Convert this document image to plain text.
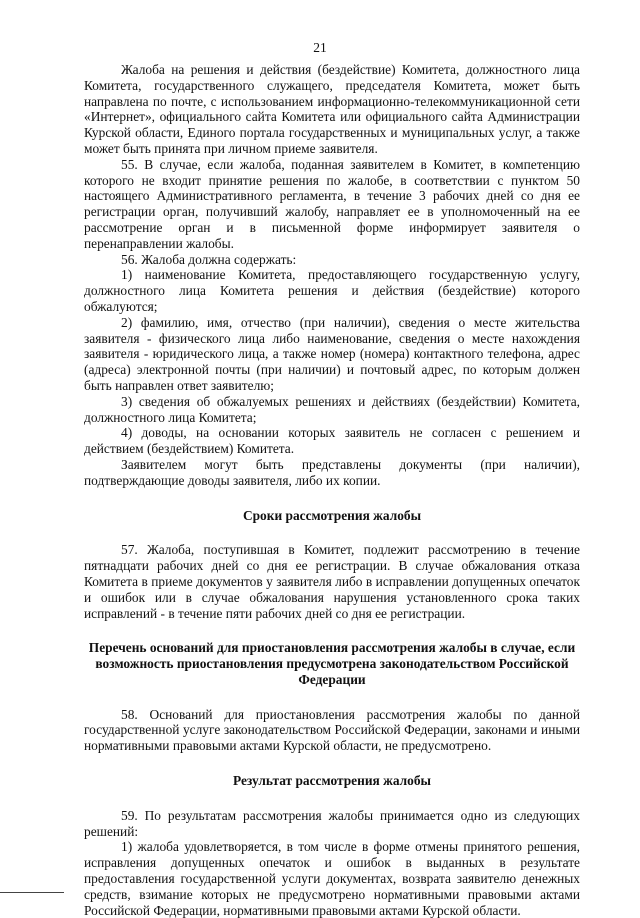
21

Жалоба на решения и действия (бездействие) Комитета, должностного лица Комитета, государственного служащего, председателя Комитета, может быть направлена по почте, с использованием информационно-телекоммуникационной сети «Интернет», официального сайта Комитета или официального сайта Администрации Курской области, Единого портала государственных и муниципальных услуг, а также может быть принята при личном приеме заявителя.

55. В случае, если жалоба, поданная заявителем в Комитет, в компетенцию которого не входит принятие решения по жалобе, в соответствии с пунктом 50 настоящего Административного регламента, в течение 3 рабочих дней со дня ее регистрации орган, получивший жалобу, направляет ее в уполномоченный на ее рассмотрение орган и в письменной форме информирует заявителя о перенаправлении жалобы.

56. Жалоба должна содержать:

1) наименование Комитета, предоставляющего государственную услугу, должностного лица Комитета решения и действия (бездействие) которого обжалуются;

2) фамилию, имя, отчество (при наличии), сведения о месте жительства заявителя - физического лица либо наименование, сведения о месте нахождения заявителя - юридического лица, а также номер (номера) контактного телефона, адрес (адреса) электронной почты (при наличии) и почтовый адрес, по которым должен быть направлен ответ заявителю;

3) сведения об обжалуемых решениях и действиях (бездействии) Комитета, должностного лица Комитета;

4) доводы, на основании которых заявитель не согласен с решением и действием (бездействием) Комитета.

Заявителем могут быть представлены документы (при наличии), подтверждающие доводы заявителя, либо их копии.

Сроки рассмотрения жалобы

57. Жалоба, поступившая в Комитет, подлежит рассмотрению в течение пятнадцати рабочих дней со дня ее регистрации. В случае обжалования отказа Комитета в приеме документов у заявителя либо в исправлении допущенных опечаток и ошибок или в случае обжалования нарушения установленного срока таких исправлений - в течение пяти рабочих дней со дня ее регистрации.

Перечень оснований для приостановления рассмотрения жалобы в случае, если возможность приостановления предусмотрена законодательством Российской Федерации

58. Оснований для приостановления рассмотрения жалобы по данной государственной услуге законодательством Российской Федерации, законами и иными нормативными правовыми актами Курской области, не предусмотрено.

Результат рассмотрения жалобы

59. По результатам рассмотрения жалобы принимается одно из следующих решений:

1) жалоба удовлетворяется, в том числе в форме отмены принятого решения, исправления допущенных опечаток и ошибок в выданных в результате предоставления государственной услуги документах, возврата заявителю денежных средств, взимание которых не предусмотрено нормативными правовыми актами Российской Федерации, нормативными правовыми актами Курской области.
